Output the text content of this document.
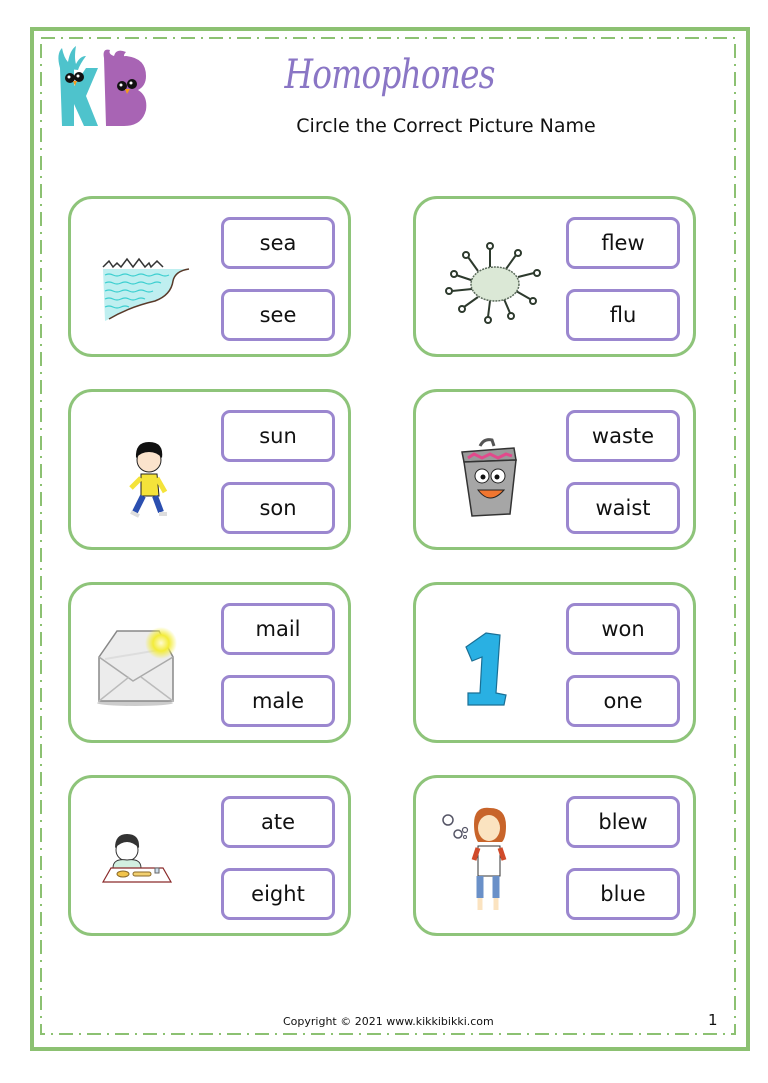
Homophones
Circle the Correct Picture Name
sea
see
flew
flu
sun
son
waste
waist
mail
male
won
one
ate
eight
blew
blue
Copyright © 2021 www.kikkibikki.com	1
